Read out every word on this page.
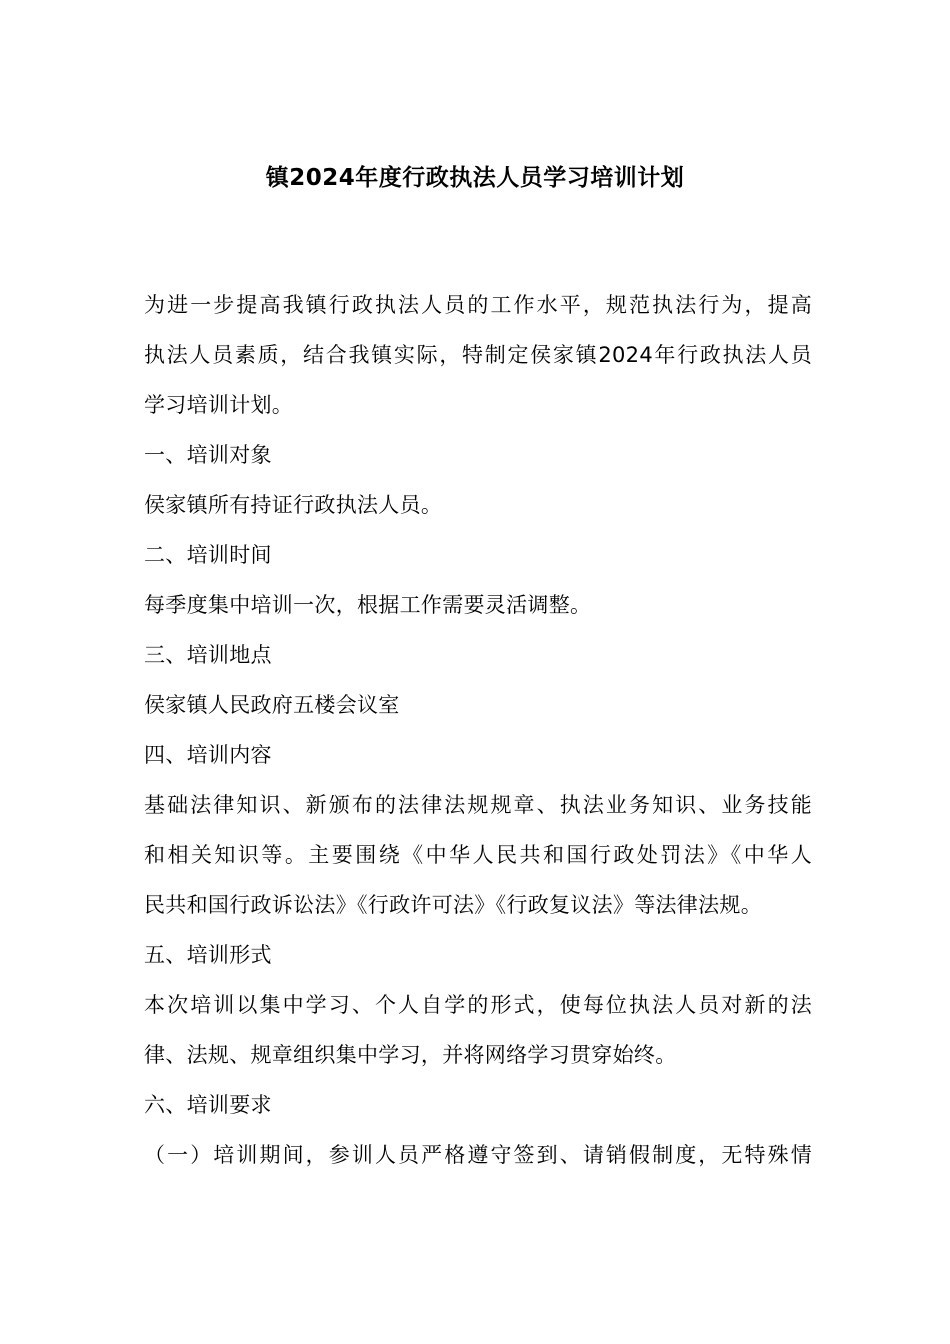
镇2024年度行政执法人员学习培训计划
为进一步提高我镇行政执法人员的工作水平，规范执法行为，提高
执法人员素质，结合我镇实际，特制定侯家镇2024年行政执法人员
学习培训计划。
一、培训对象
侯家镇所有持证行政执法人员。
二、培训时间
每季度集中培训一次，根据工作需要灵活调整。
三、培训地点
侯家镇人民政府五楼会议室
四、培训内容
基础法律知识、新颁布的法律法规规章、执法业务知识、业务技能
和相关知识等。主要围绕《中华人民共和国行政处罚法》《中华人
民共和国行政诉讼法》《行政许可法》《行政复议法》等法律法规。
五、培训形式
本次培训以集中学习、个人自学的形式，使每位执法人员对新的法
律、法规、规章组织集中学习，并将网络学习贯穿始终。
六、培训要求
（一）培训期间，参训人员严格遵守签到、请销假制度，无特殊情
